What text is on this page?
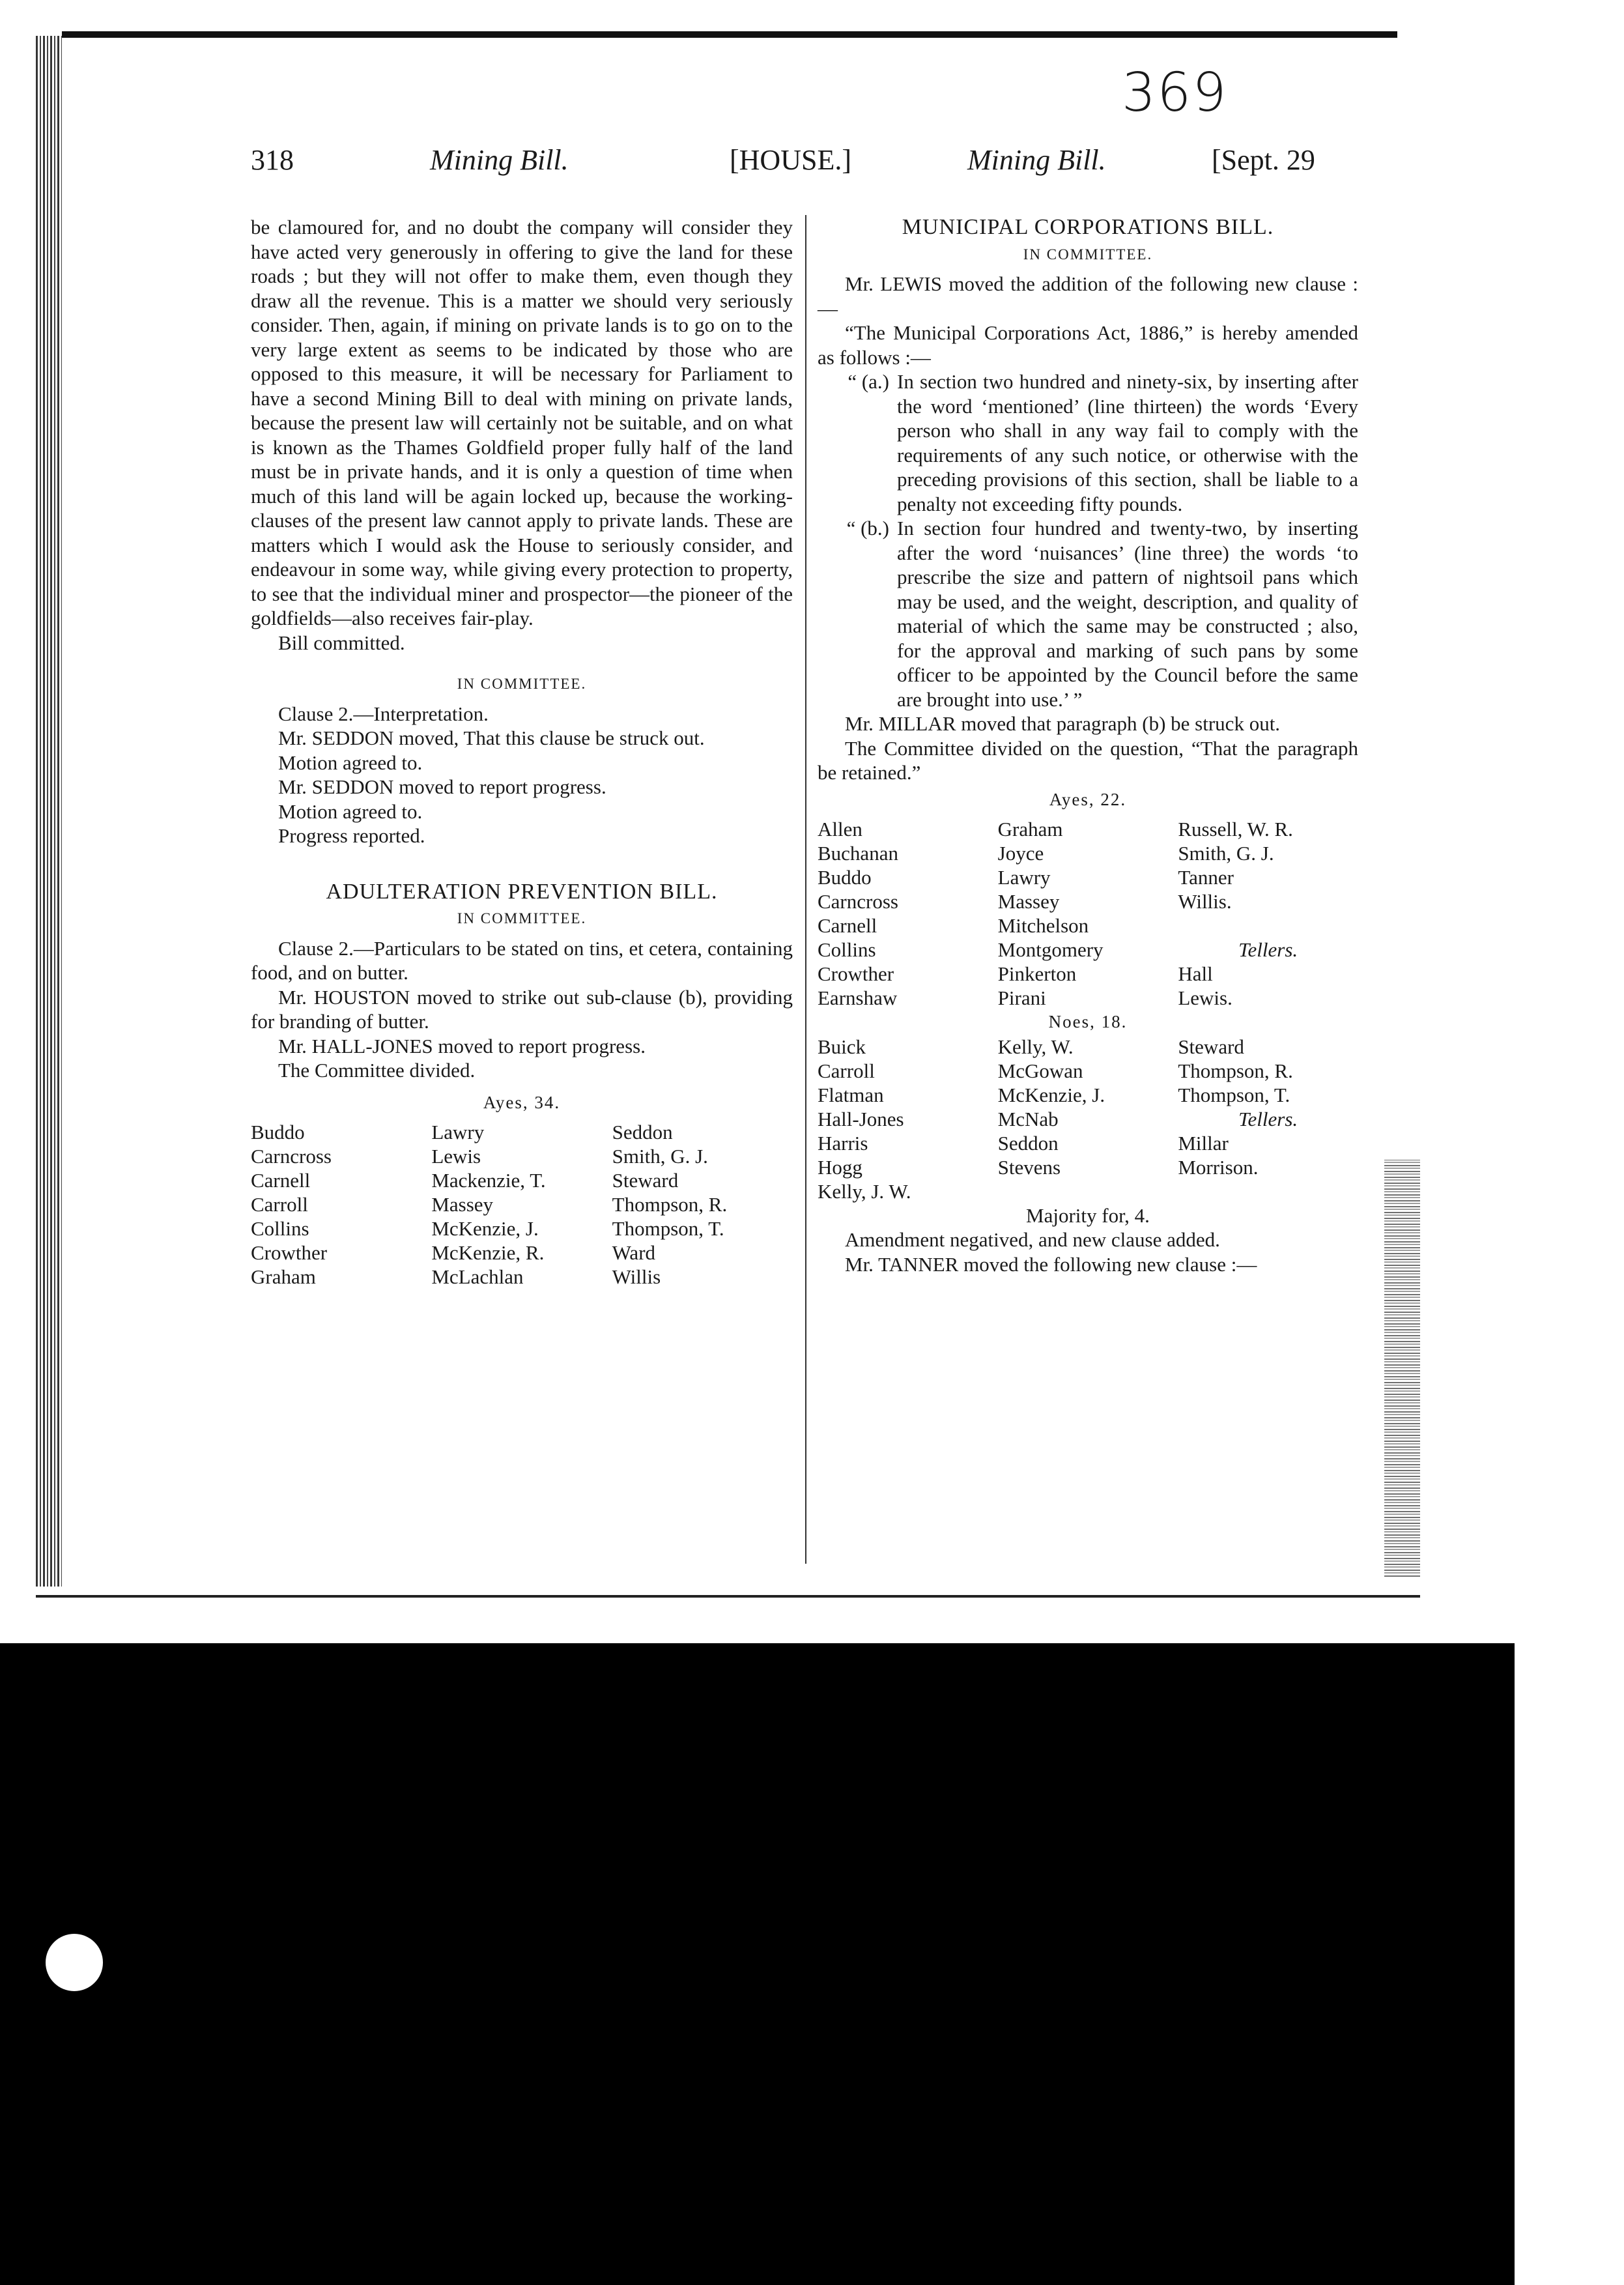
369
318	Mining Bill.	[HOUSE.]	Mining Bill.	[Sept. 29

be clamoured for, and no doubt the company will consider they have acted very generously in offering to give the land for these roads ; but they will not offer to make them, even though they draw all the revenue. This is a matter we should very seriously consider. Then, again, if mining on private lands is to go on to the very large extent as seems to be indicated by those who are opposed to this measure, it will be necessary for Parliament to have a second Mining Bill to deal with mining on private lands, because the present law will certainly not be suitable, and on what is known as the Thames Goldfield proper fully half of the land must be in private hands, and it is only a question of time when much of this land will be again locked up, because the working-clauses of the present law cannot apply to private lands. These are matters which I would ask the House to seriously consider, and endeavour in some way, while giving every protection to property, to see that the individual miner and prospector—the pioneer of the goldfields—also receives fair-play.

Bill committed.

IN COMMITTEE.

Clause 2.—Interpretation.

Mr. SEDDON moved, That this clause be struck out.

Motion agreed to.

Mr. SEDDON moved to report progress.

Motion agreed to.

Progress reported.

ADULTERATION PREVENTION BILL.

IN COMMITTEE.

Clause 2.—Particulars to be stated on tins, et cetera, containing food, and on butter.

Mr. HOUSTON moved to strike out sub-clause (b), providing for branding of butter.

Mr. HALL-JONES moved to report progress.

The Committee divided.

Ayes, 34.

Buddo	Lawry	Seddon
Carncross	Lewis	Smith, G. J.
Carnell	Mackenzie, T.	Steward
Carroll	Massey	Thompson, R.
Collins	McKenzie, J.	Thompson, T.
Crowther	McKenzie, R.	Ward
Graham	McLachlan	Willis

MUNICIPAL CORPORATIONS BILL.

IN COMMITTEE.

Mr. LEWIS moved the addition of the following new clause :—

“The Municipal Corporations Act, 1886,” is hereby amended as follows :—

“ (a.) In section two hundred and ninety-six, by inserting after the word ‘mentioned’ (line thirteen) the words ‘Every person who shall in any way fail to comply with the requirements of any such notice, or otherwise with the preceding provisions of this section, shall be liable to a penalty not exceeding fifty pounds.
“ (b.) In section four hundred and twenty-two, by inserting after the word ‘nuisances’ (line three) the words ‘to prescribe the size and pattern of nightsoil pans which may be used, and the weight, description, and quality of material of which the same may be constructed ; also, for the approval and marking of such pans by some officer to be appointed by the Council before the same are brought into use.’ ”

Mr. MILLAR moved that paragraph (b) be struck out.

The Committee divided on the question, “That the paragraph be retained.”

Ayes, 22.

Allen	Graham	Russell, W. R.
Buchanan	Joyce	Smith, G. J.
Buddo	Lawry	Tanner
Carncross	Massey	Willis.
Carnell	Mitchelson	
Collins	Montgomery	Tellers.
Crowther	Pinkerton	Hall
Earnshaw	Pirani	Lewis.

Noes, 18.

Buick	Kelly, W.	Steward
Carroll	McGowan	Thompson, R.
Flatman	McKenzie, J.	Thompson, T.
Hall-Jones	McNab	Tellers.
Harris	Seddon	Millar
Hogg	Stevens	Morrison.
Kelly, J. W.		

Majority for, 4.

Amendment negatived, and new clause added.

Mr. TANNER moved the following new clause :—
